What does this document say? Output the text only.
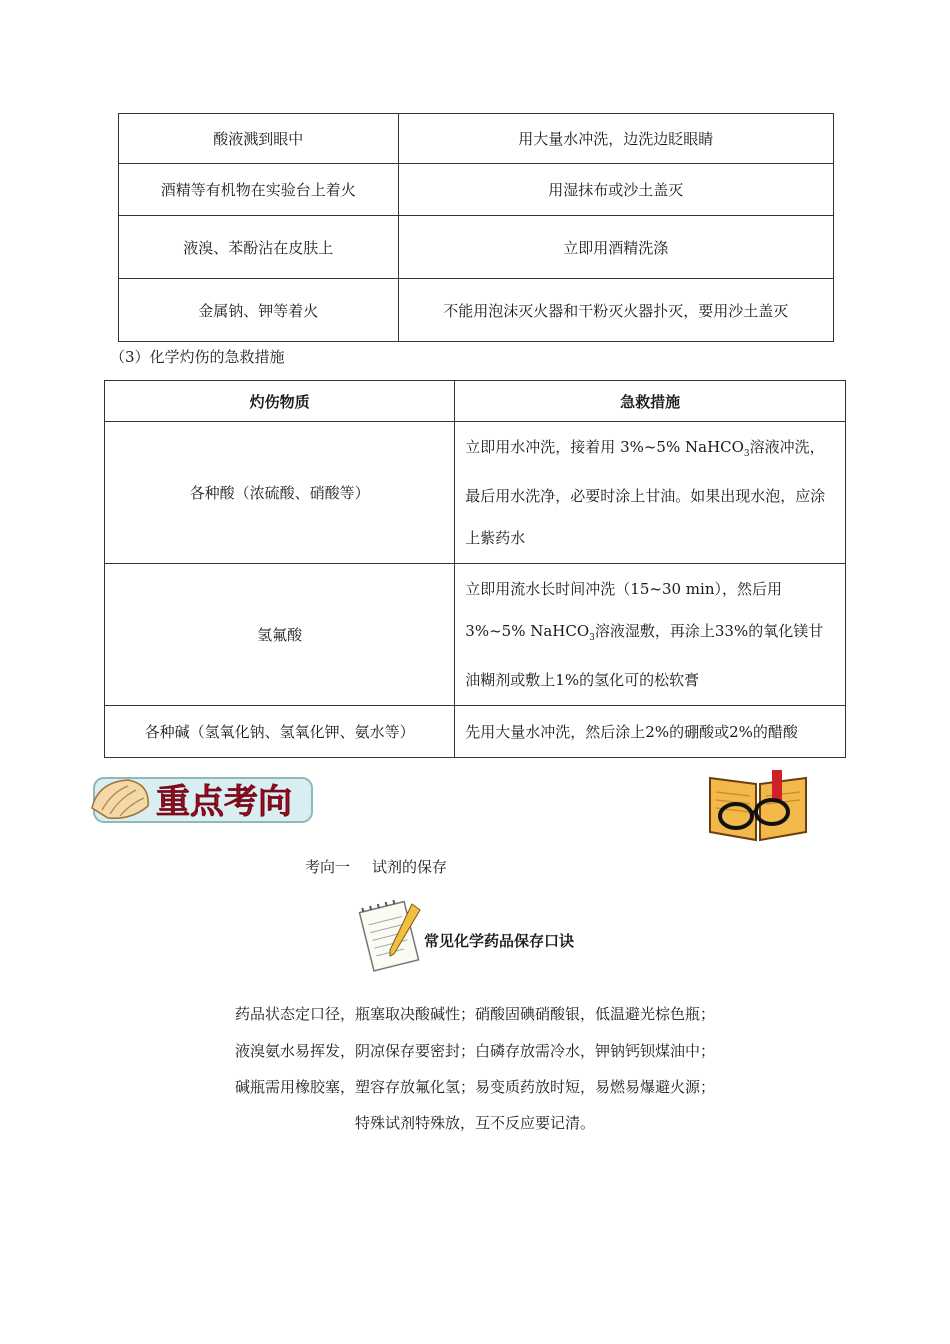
酸液溅到眼中	用大量水冲洗，边洗边眨眼睛
酒精等有机物在实验台上着火	用湿抹布或沙土盖灭
液溴、苯酚沾在皮肤上	立即用酒精洗涤
金属钠、钾等着火	不能用泡沫灭火器和干粉灭火器扑灭，要用沙土盖灭
（3）化学灼伤的急救措施
灼伤物质	急救措施
各种酸（浓硫酸、硝酸等）	立即用水冲洗，接着用 3%~5% NaHCO$_3$溶液冲洗，最后用水洗净，必要时涂上甘油。如果出现水泡，应涂上紫药水
氢氟酸	立即用流水长时间冲洗（15~30 min），然后用 3%~5% NaHCO$_3$溶液湿敷，再涂上33%的氧化镁甘油糊剂或敷上1%的氢化可的松软膏
各种碱（氢氧化钠、氢氧化钾、氨水等）	先用大量水冲洗，然后涂上2%的硼酸或2%的醋酸
重点考向
考向一 试剂的保存
常见化学药品保存口诀
药品状态定口径，瓶塞取决酸碱性；硝酸固碘硝酸银，低温避光棕色瓶；
液溴氨水易挥发，阴凉保存要密封；白磷存放需冷水，钾钠钙钡煤油中；
碱瓶需用橡胶塞，塑容存放氟化氢；易变质药放时短，易燃易爆避火源；
特殊试剂特殊放，互不反应要记清。
